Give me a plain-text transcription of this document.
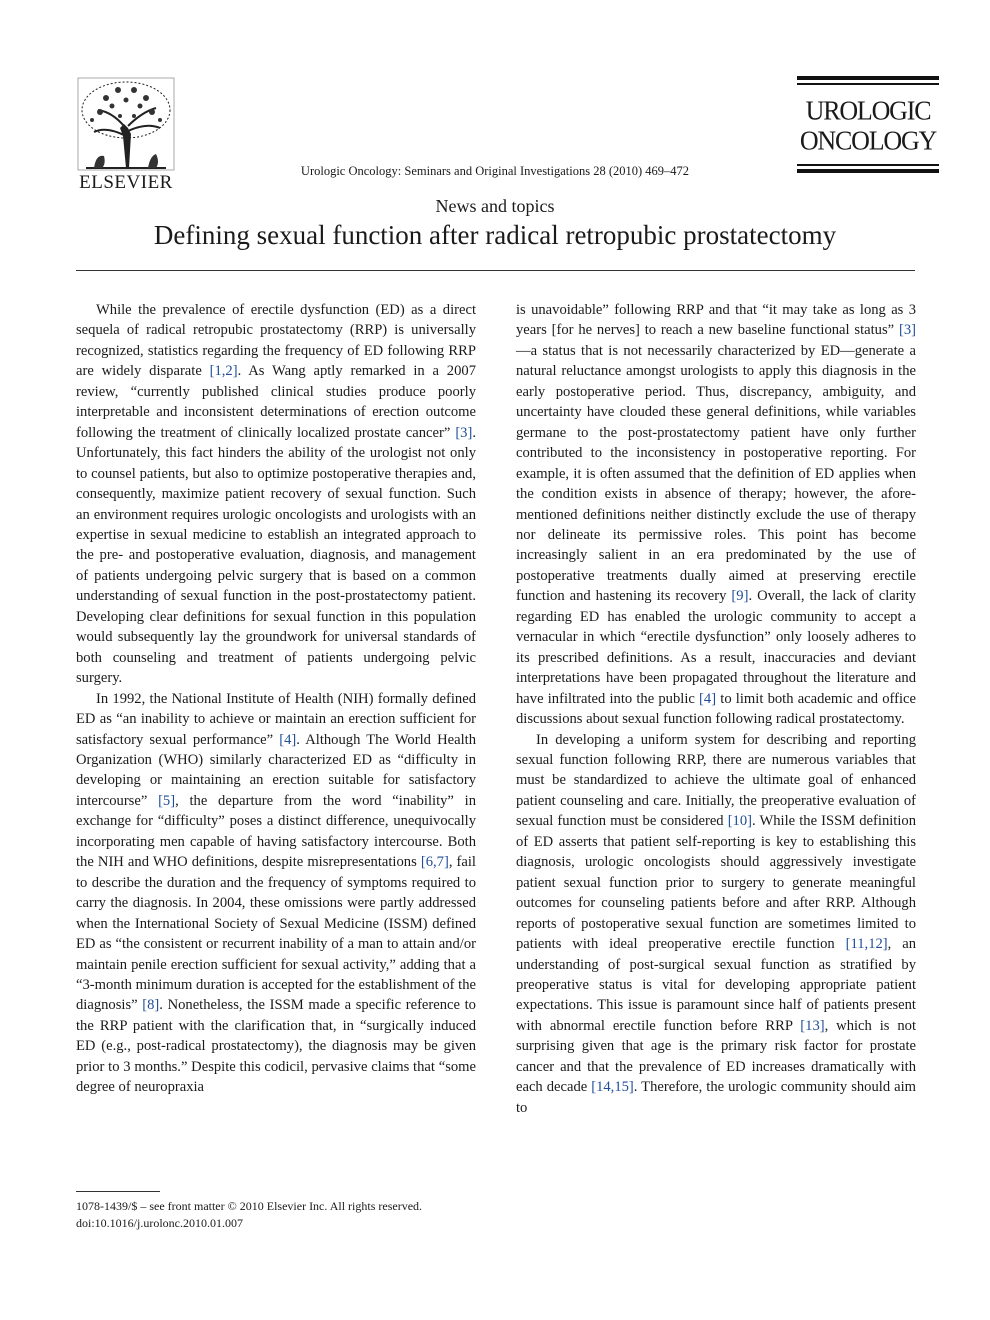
ELSEVIER
Urologic Oncology: Seminars and Original Investigations 28 (2010) 469–472
UROLOGIC
ONCOLOGY
News and topics
Defining sexual function after radical retropubic prostatectomy

While the prevalence of erectile dysfunction (ED) as a direct sequela of radical retropubic prostatectomy (RRP) is universally recognized, statistics regarding the frequency of ED following RRP are widely disparate [1,2]. As Wang aptly remarked in a 2007 review, “currently published clinical studies produce poorly interpretable and inconsistent determinations of erection outcome following the treatment of clinically localized prostate cancer” [3]. Unfortunately, this fact hinders the ability of the urologist not only to counsel patients, but also to optimize postoperative therapies and, consequently, maximize patient recovery of sexual function. Such an environment requires urologic oncologists and urologists with an expertise in sexual medicine to establish an integrated approach to the pre- and postoperative evaluation, diagnosis, and management of patients undergoing pelvic surgery that is based on a common understanding of sexual function in the post-prostatectomy patient. Developing clear definitions for sexual function in this population would subsequently lay the groundwork for universal standards of both counseling and treatment of patients undergoing pelvic surgery.

In 1992, the National Institute of Health (NIH) formally defined ED as “an inability to achieve or maintain an erection sufficient for satisfactory sexual performance” [4]. Although The World Health Organization (WHO) similarly characterized ED as “difficulty in developing or maintaining an erection suitable for satisfactory intercourse” [5], the departure from the word “inability” in exchange for “difficulty” poses a distinct difference, unequivocally incorporating men capable of having satisfactory intercourse. Both the NIH and WHO definitions, despite misrepresentations [6,7], fail to describe the duration and the frequency of symptoms required to carry the diagnosis. In 2004, these omissions were partly addressed when the International Society of Sexual Medicine (ISSM) defined ED as “the consistent or recurrent inability of a man to attain and/or maintain penile erection sufficient for sexual activity,” adding that a “3-month minimum duration is accepted for the establishment of the diagnosis” [8]. Nonetheless, the ISSM made a specific reference to the RRP patient with the clarification that, in “surgically induced ED (e.g., post-radical prostatectomy), the diagnosis may be given prior to 3 months.” Despite this codicil, pervasive claims that “some degree of neuropraxia

is unavoidable” following RRP and that “it may take as long as 3 years [for he nerves] to reach a new baseline functional status” [3]—a status that is not necessarily characterized by ED—generate a natural reluctance amongst urologists to apply this diagnosis in the early postoperative period. Thus, discrepancy, ambiguity, and uncertainty have clouded these general definitions, while variables germane to the post-prostatectomy patient have only further contributed to the inconsistency in postoperative reporting. For example, it is often assumed that the definition of ED applies when the condition exists in absence of therapy; however, the aforementioned definitions neither distinctly exclude the use of therapy nor delineate its permissive roles. This point has become increasingly salient in an era predominated by the use of postoperative treatments dually aimed at preserving erectile function and hastening its recovery [9]. Overall, the lack of clarity regarding ED has enabled the urologic community to accept a vernacular in which “erectile dysfunction” only loosely adheres to its prescribed definitions. As a result, inaccuracies and deviant interpretations have been propagated throughout the literature and have infiltrated into the public [4] to limit both academic and office discussions about sexual function following radical prostatectomy.

In developing a uniform system for describing and reporting sexual function following RRP, there are numerous variables that must be standardized to achieve the ultimate goal of enhanced patient counseling and care. Initially, the preoperative evaluation of sexual function must be considered [10]. While the ISSM definition of ED asserts that patient self-reporting is key to establishing this diagnosis, urologic oncologists should aggressively investigate patient sexual function prior to surgery to generate meaningful outcomes for counseling patients before and after RRP. Although reports of postoperative sexual function are sometimes limited to patients with ideal preoperative erectile function [11,12], an understanding of post-surgical sexual function as stratified by preoperative status is vital for developing appropriate patient expectations. This issue is paramount since half of patients present with abnormal erectile function before RRP [13], which is not surprising given that age is the primary risk factor for prostate cancer and that the prevalence of ED increases dramatically with each decade [14,15]. Therefore, the urologic community should aim to

1078-1439/$ – see front matter © 2010 Elsevier Inc. All rights reserved.
doi:10.1016/j.urolonc.2010.01.007
